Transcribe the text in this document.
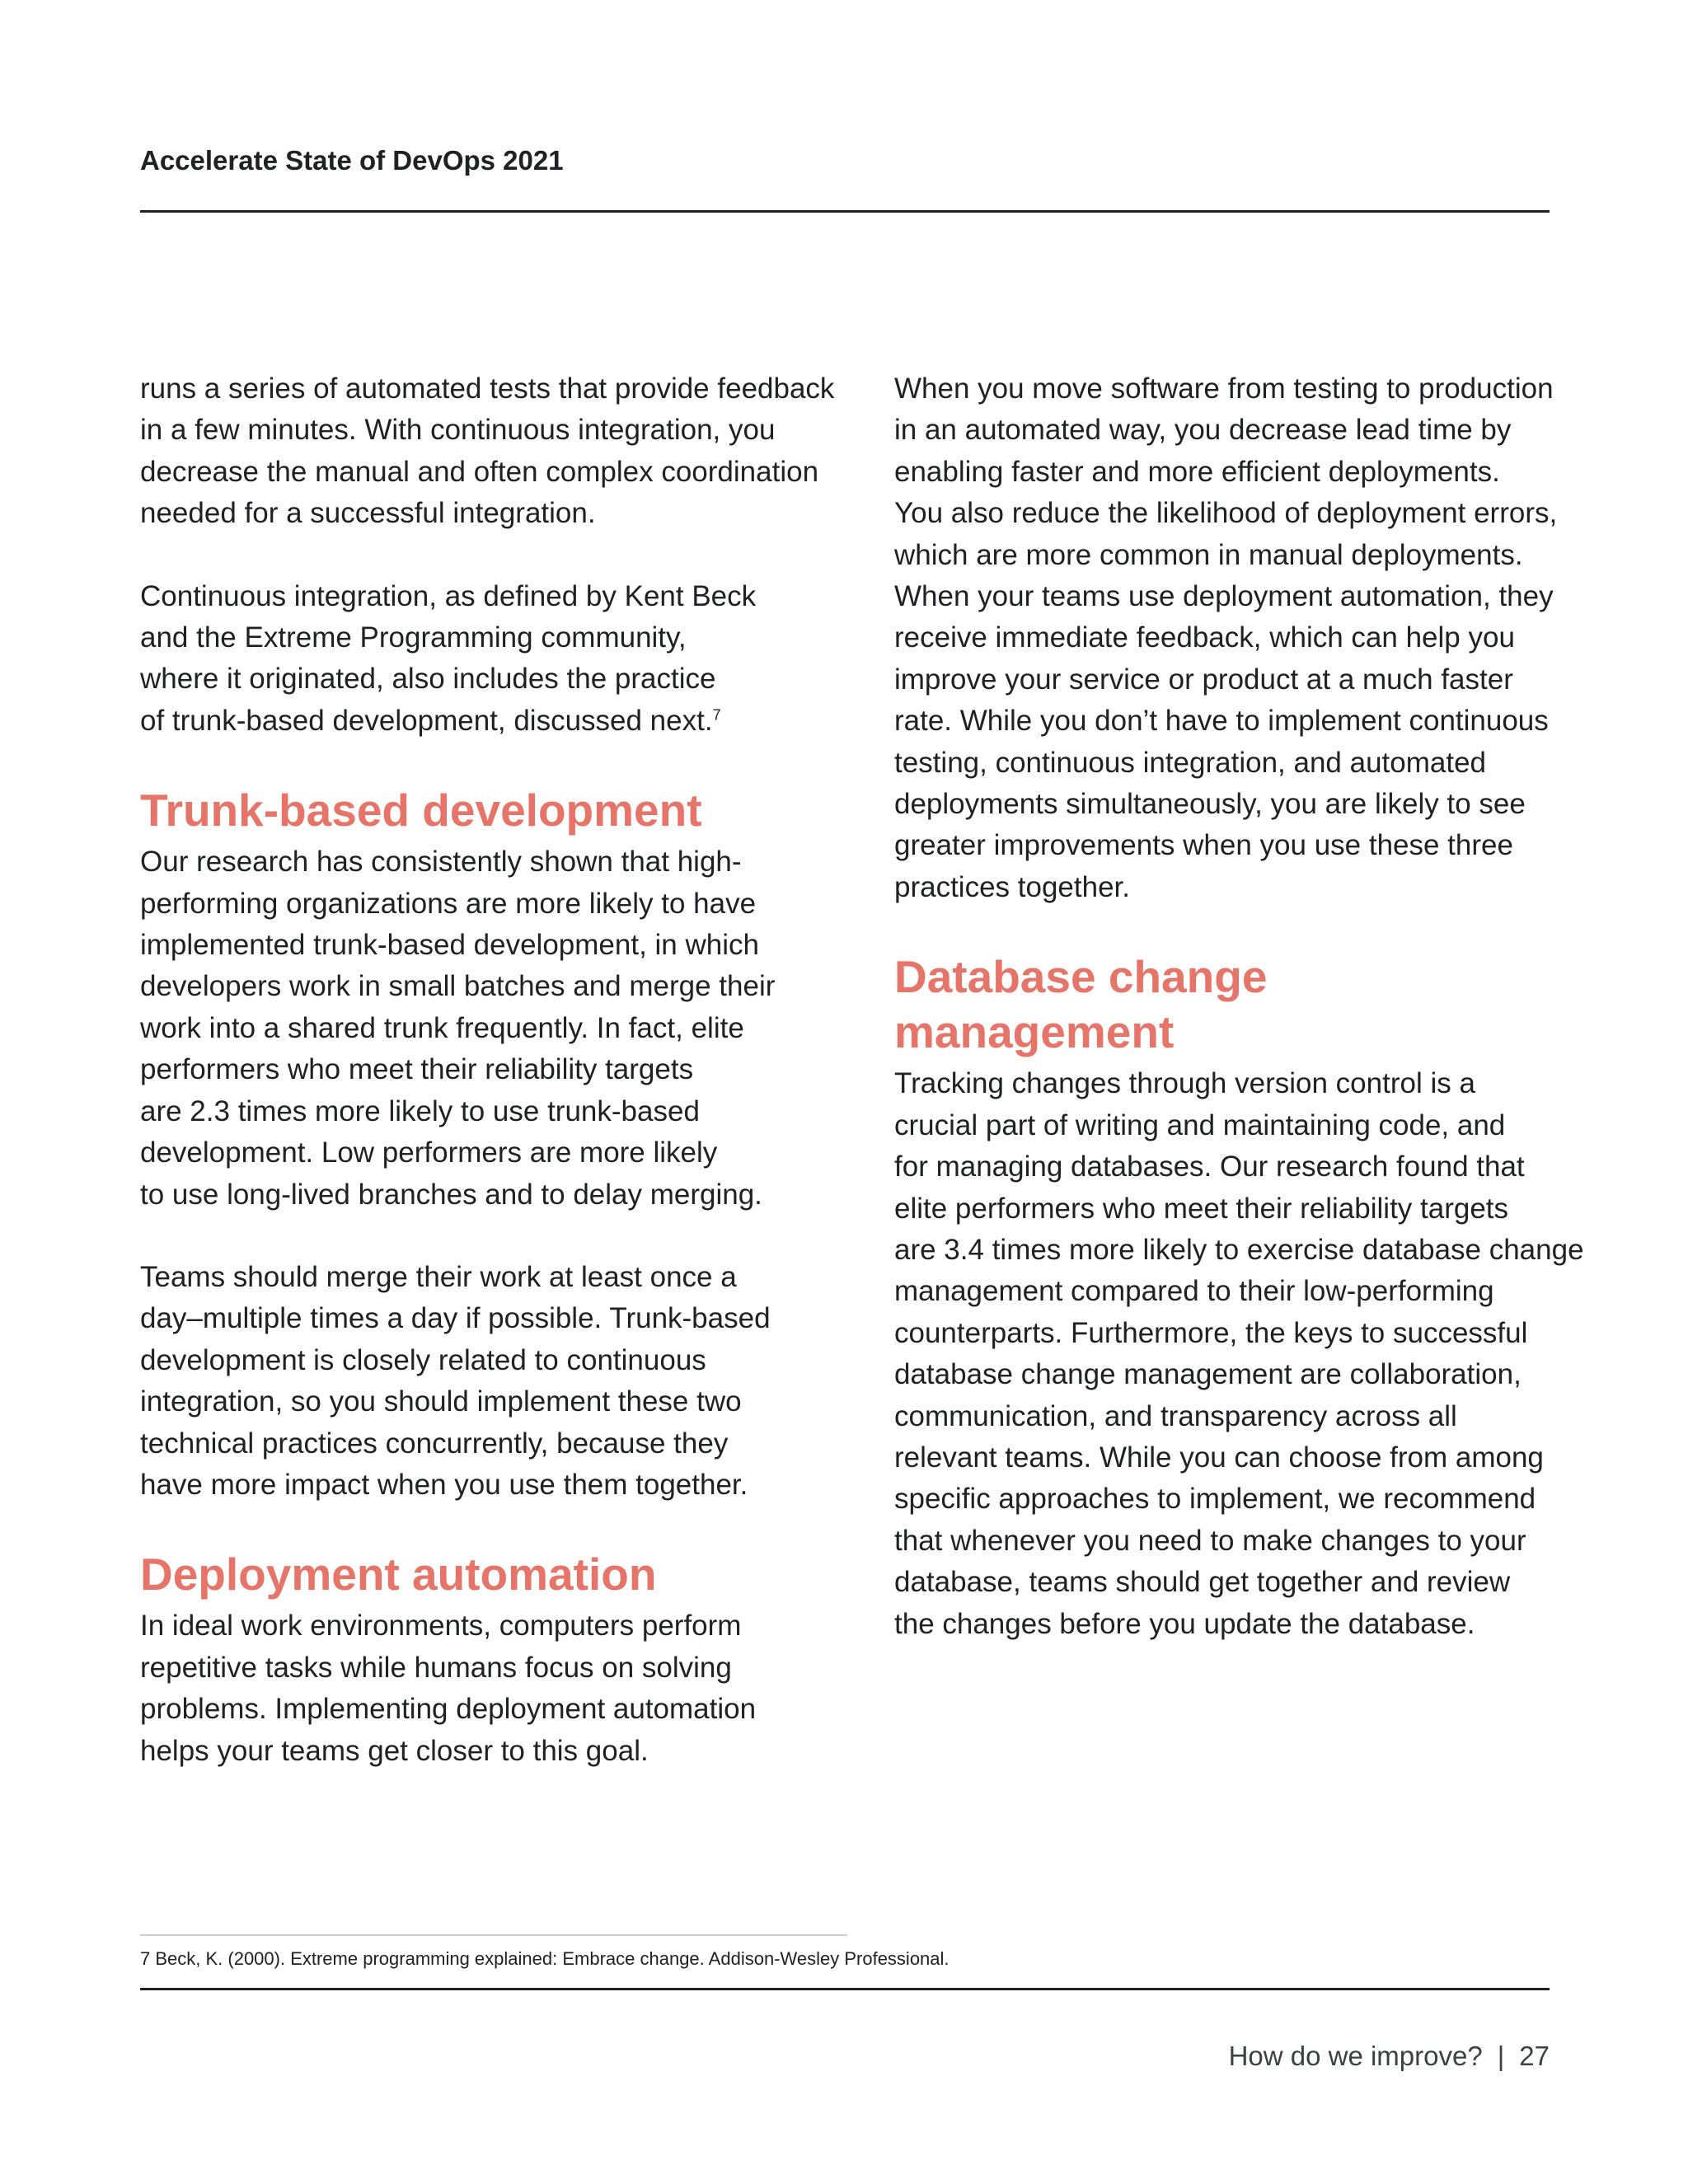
Accelerate State of DevOps 2021

runs a series of automated tests that provide feedback
in a few minutes. With continuous integration, you
decrease the manual and often complex coordination
needed for a successful integration.

Continuous integration, as defined by Kent Beck
and the Extreme Programming community,
where it originated, also includes the practice
of trunk-based development, discussed next.$^7$

Trunk-based development

Our research has consistently shown that high-
performing organizations are more likely to have
implemented trunk-based development, in which
developers work in small batches and merge their
work into a shared trunk frequently. In fact, elite
performers who meet their reliability targets
are 2.3 times more likely to use trunk-based
development. Low performers are more likely
to use long-lived branches and to delay merging.

Teams should merge their work at least once a
day–multiple times a day if possible. Trunk-based
development is closely related to continuous
integration, so you should implement these two
technical practices concurrently, because they
have more impact when you use them together.

Deployment automation

In ideal work environments, computers perform
repetitive tasks while humans focus on solving
problems. Implementing deployment automation
helps your teams get closer to this goal.

When you move software from testing to production
in an automated way, you decrease lead time by
enabling faster and more efficient deployments.
You also reduce the likelihood of deployment errors,
which are more common in manual deployments.
When your teams use deployment automation, they
receive immediate feedback, which can help you
improve your service or product at a much faster
rate. While you don’t have to implement continuous
testing, continuous integration, and automated
deployments simultaneously, you are likely to see
greater improvements when you use these three
practices together.

Database change
management

Tracking changes through version control is a
crucial part of writing and maintaining code, and
for managing databases. Our research found that
elite performers who meet their reliability targets
are 3.4 times more likely to exercise database change
management compared to their low-performing
counterparts. Furthermore, the keys to successful
database change management are collaboration,
communication, and transparency across all
relevant teams. While you can choose from among
specific approaches to implement, we recommend
that whenever you need to make changes to your
database, teams should get together and review
the changes before you update the database.

7 Beck, K. (2000). Extreme programming explained: Embrace change. Addison-Wesley Professional.
How do we improve? | 27
